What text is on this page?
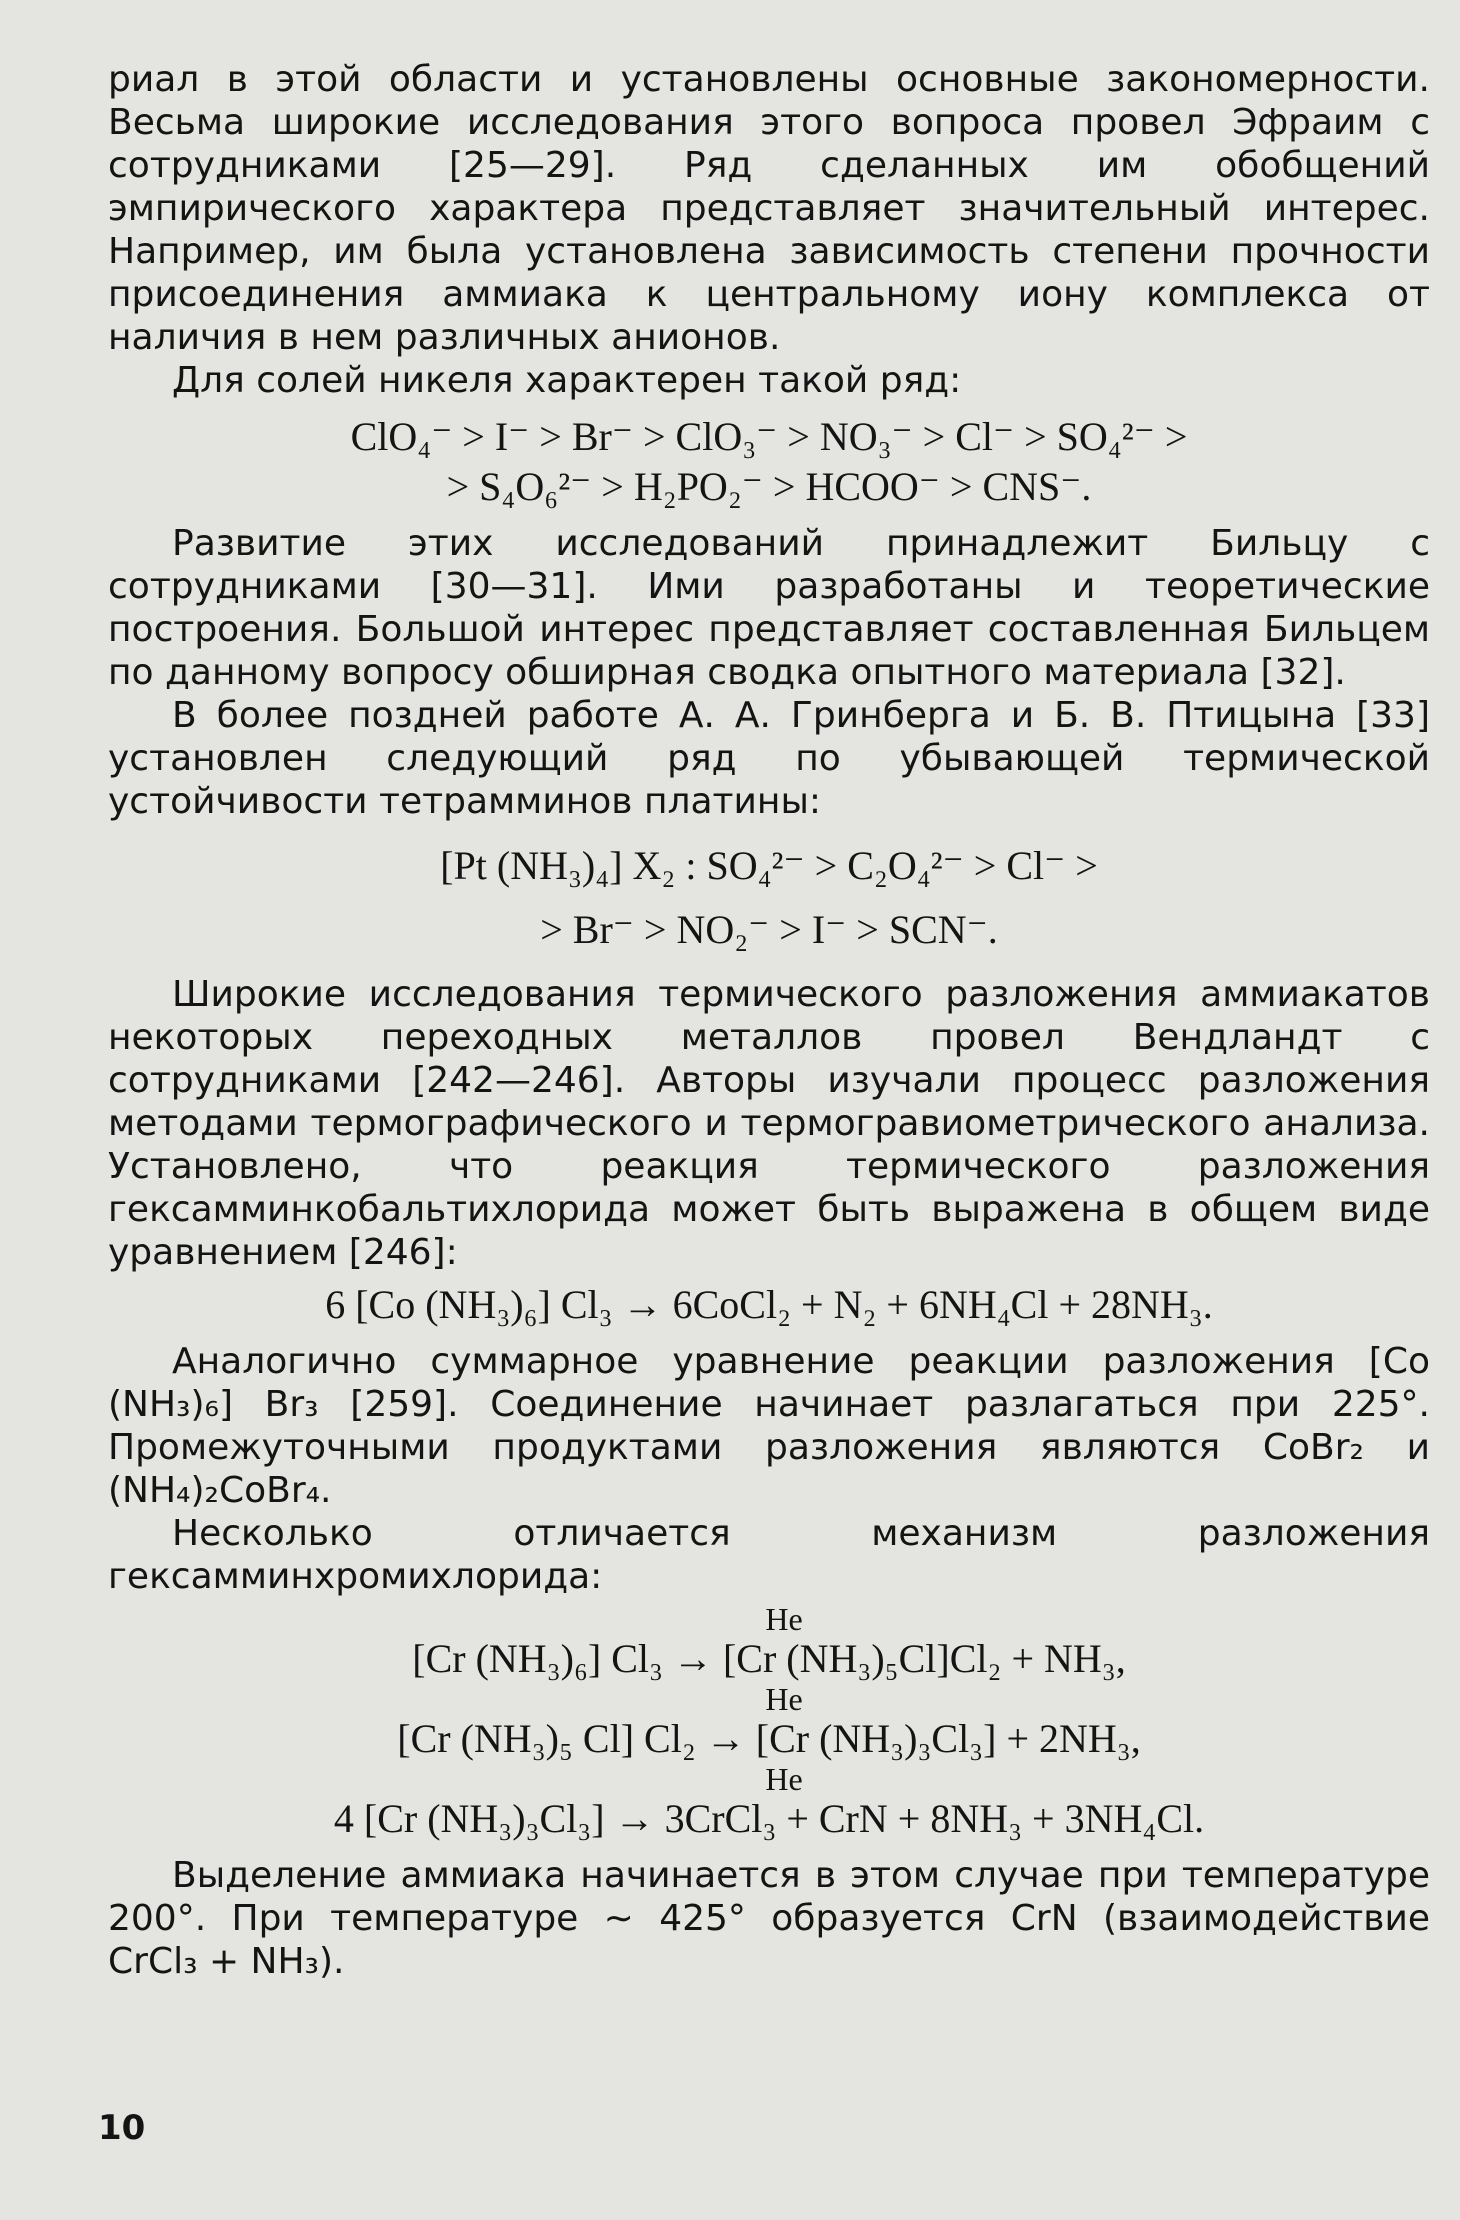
риал в этой области и установлены основные закономерности. Весьма широкие исследования этого вопроса провел Эфраим с сотрудниками [25—29]. Ряд сделанных им обобщений эмпирического характера представляет значительный интерес. Например, им была установлена зависимость степени прочности присоединения аммиака к центральному иону комплекса от наличия в нем различных анионов.

Для солей никеля характерен такой ряд:

ClO₄⁻ > I⁻ > Br⁻ > ClO₃⁻ > NO₃⁻ > Cl⁻ > SO₄²⁻ >

> S₄O₆²⁻ > H₂PO₂⁻ > HCOO⁻ > CNS⁻.

Развитие этих исследований принадлежит Бильцу с сотрудниками [30—31]. Ими разработаны и теоретические построения. Большой интерес представляет составленная Бильцем по данному вопросу обширная сводка опытного материала [32].

В более поздней работе А. А. Гринберга и Б. В. Птицына [33] установлен следующий ряд по убывающей термической устойчивости тетрамминов платины:

[Pt (NH₃)₄] X₂ : SO₄²⁻ > C₂O₄²⁻ > Cl⁻ >

> Br⁻ > NO₂⁻ > I⁻ > SCN⁻.

Широкие исследования термического разложения аммиакатов некоторых переходных металлов провел Вендландт с сотрудниками [242—246]. Авторы изучали процесс разложения методами термографического и термогравиометрического анализа. Установлено, что реакция термического разложения гексамминкобальтихлорида может быть выражена в общем виде уравнением [246]:

6 [Co (NH₃)₆] Cl₃ → 6CoCl₂ + N₂ + 6NH₄Cl + 28NH₃.

Аналогично суммарное уравнение реакции разложения [Co (NH₃)₆] Br₃ [259]. Соединение начинает разлагаться при 225°. Промежуточными продуктами разложения являются CoBr₂ и (NH₄)₂CoBr₄.

Несколько отличается механизм разложения гексамминхромихлорида:

He

[Cr (NH₃)₆] Cl₃ → [Cr (NH₃)₅Cl]Cl₂ + NH₃,

He

[Cr (NH₃)₅ Cl] Cl₂ → [Cr (NH₃)₃Cl₃] + 2NH₃,

He

4 [Cr (NH₃)₃Cl₃] → 3CrCl₃ + CrN + 8NH₃ + 3NH₄Cl.

Выделение аммиака начинается в этом случае при температуре 200°. При температуре ∼ 425° образуется CrN (взаимодействие CrCl₃ + NH₃).

10
